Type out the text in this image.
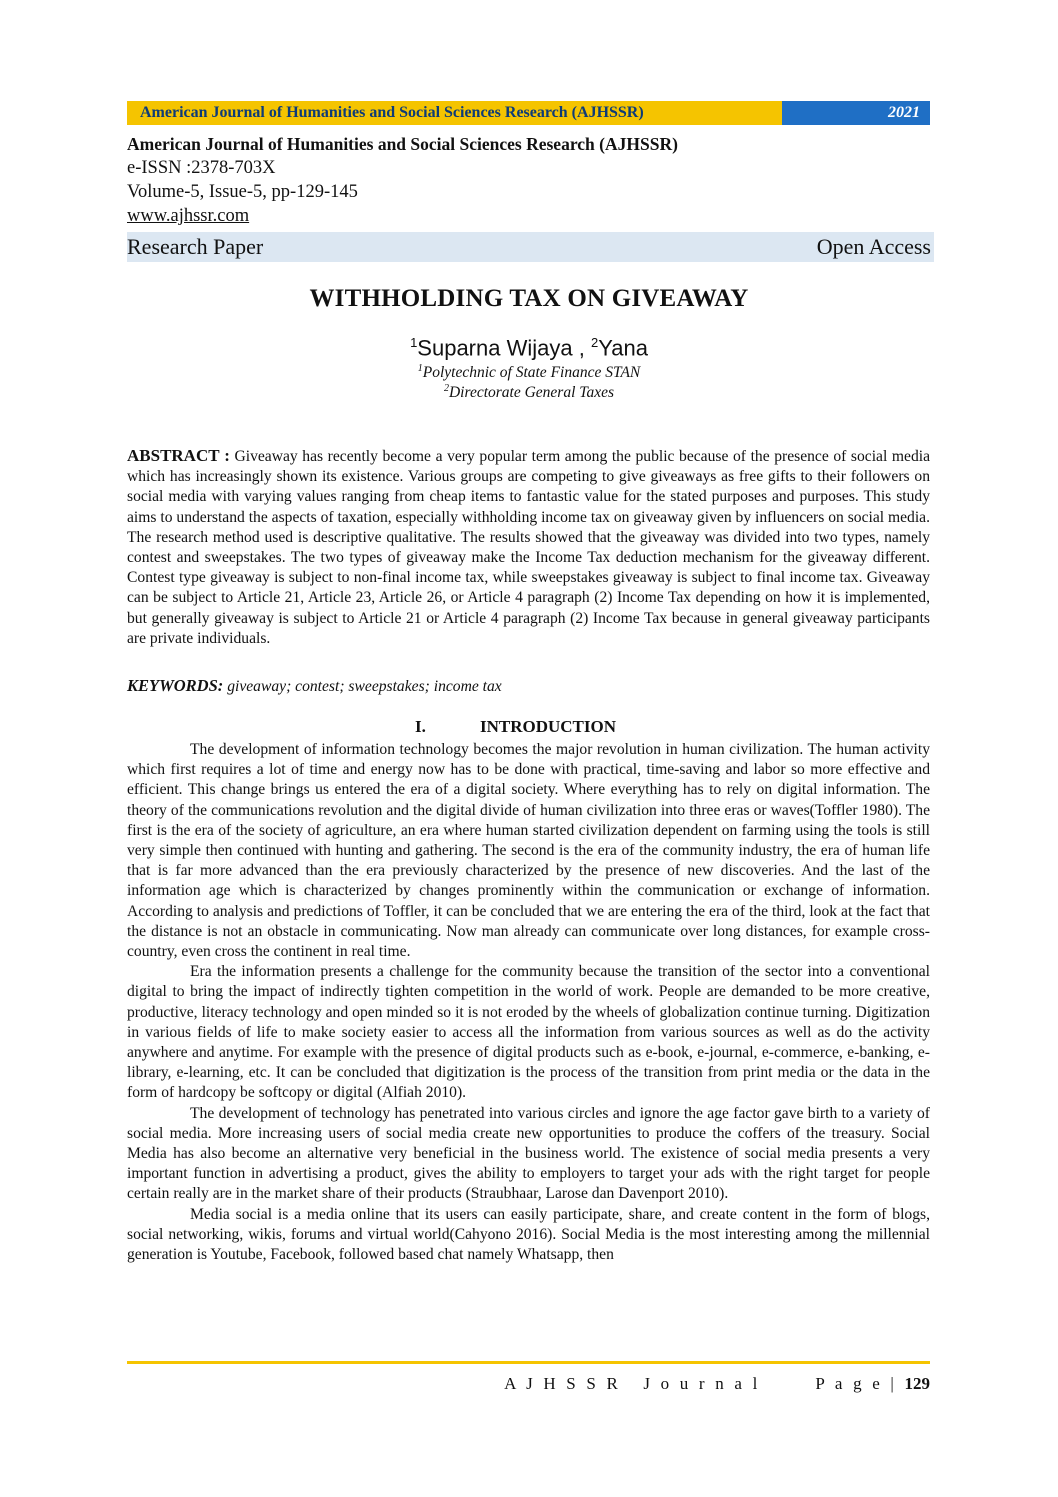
American Journal of Humanities and Social Sciences Research (AJHSSR)	2021
American Journal of Humanities and Social Sciences Research (AJHSSR)
e-ISSN :2378-703X
Volume-5, Issue-5, pp-129-145
www.ajhssr.com
Research Paper	Open Access
WITHHOLDING TAX ON GIVEAWAY
$^1$Suparna Wijaya , $^2$Yana
$^1$Polytechnic of State Finance STAN
$^2$Directorate General Taxes
ABSTRACT : Giveaway has recently become a very popular term among the public because of the presence of social media which has increasingly shown its existence. Various groups are competing to give giveaways as free gifts to their followers on social media with varying values ranging from cheap items to fantastic value for the stated purposes and purposes. This study aims to understand the aspects of taxation, especially withholding income tax on giveaway given by influencers on social media. The research method used is descriptive qualitative. The results showed that the giveaway was divided into two types, namely contest and sweepstakes. The two types of giveaway make the Income Tax deduction mechanism for the giveaway different. Contest type giveaway is subject to non-final income tax, while sweepstakes giveaway is subject to final income tax. Giveaway can be subject to Article 21, Article 23, Article 26, or Article 4 paragraph (2) Income Tax depending on how it is implemented, but generally giveaway is subject to Article 21 or Article 4 paragraph (2) Income Tax because in general giveaway participants are private individuals.
KEYWORDS: giveaway; contest; sweepstakes; income tax
I.	INTRODUCTION

The development of information technology becomes the major revolution in human civilization. The human activity which first requires a lot of time and energy now has to be done with practical, time-saving and labor so more effective and efficient. This change brings us entered the era of a digital society. Where everything has to rely on digital information. The theory of the communications revolution and the digital divide of human civilization into three eras or waves(Toffler 1980). The first is the era of the society of agriculture, an era where human started civilization dependent on farming using the tools is still very simple then continued with hunting and gathering. The second is the era of the community industry, the era of human life that is far more advanced than the era previously characterized by the presence of new discoveries. And the last of the information age which is characterized by changes prominently within the communication or exchange of information. According to analysis and predictions of Toffler, it can be concluded that we are entering the era of the third, look at the fact that the distance is not an obstacle in communicating. Now man already can communicate over long distances, for example cross-country, even cross the continent in real time.

Era the information presents a challenge for the community because the transition of the sector into a conventional digital to bring the impact of indirectly tighten competition in the world of work. People are demanded to be more creative, productive, literacy technology and open minded so it is not eroded by the wheels of globalization continue turning. Digitization in various fields of life to make society easier to access all the information from various sources as well as do the activity anywhere and anytime. For example with the presence of digital products such as e-book, e-journal, e-commerce, e-banking, e-library, e-learning, etc. It can be concluded that digitization is the process of the transition from print media or the data in the form of hardcopy be softcopy or digital (Alfiah 2010).

The development of technology has penetrated into various circles and ignore the age factor gave birth to a variety of social media. More increasing users of social media create new opportunities to produce the coffers of the treasury. Social Media has also become an alternative very beneficial in the business world. The existence of social media presents a very important function in advertising a product, gives the ability to employers to target your ads with the right target for people certain really are in the market share of their products (Straubhaar, Larose dan Davenport 2010).

Media social is a media online that its users can easily participate, share, and create content in the form of blogs, social networking, wikis, forums and virtual world(Cahyono 2016). Social Media is the most interesting among the millennial generation is Youtube, Facebook, followed based chat namely Whatsapp, then

A J H S S R   J o u r n a l	P a g e | 129
